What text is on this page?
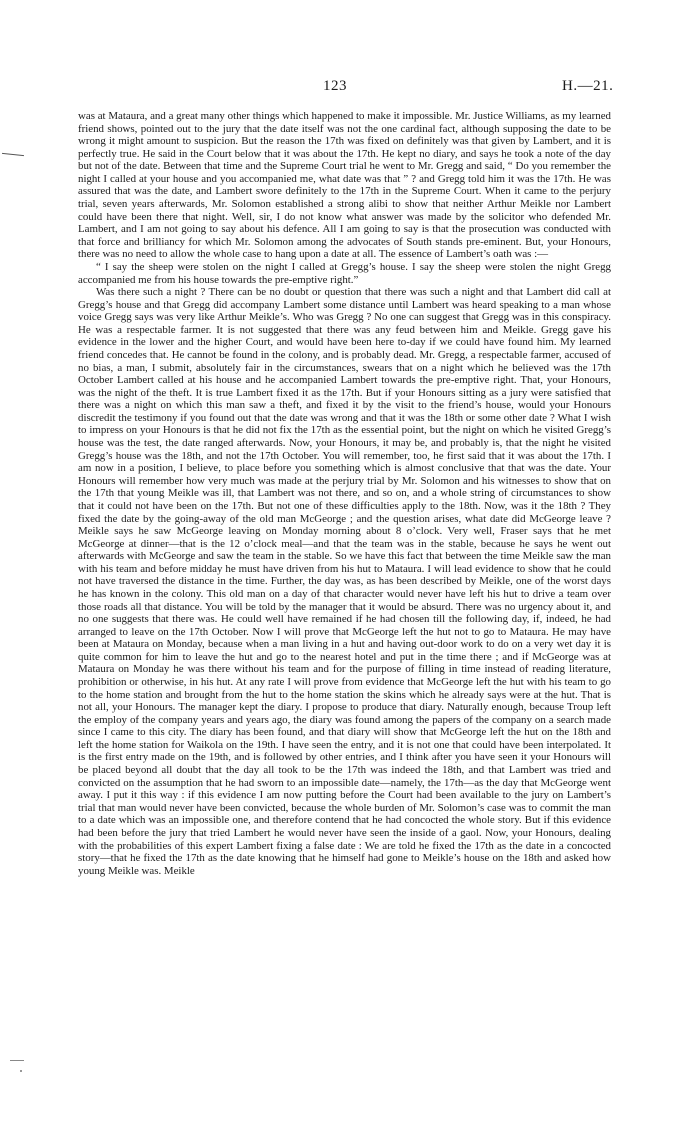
123	H.—21.

was at Mataura, and a great many other things which happened to make it impossible. Mr. Justice Williams, as my learned friend shows, pointed out to the jury that the date itself was not the one cardinal fact, although supposing the date to be wrong it might amount to suspicion. But the reason the 17th was fixed on definitely was that given by Lambert, and it is perfectly true. He said in the Court below that it was about the 17th. He kept no diary, and says he took a note of the day but not of the date. Between that time and the Supreme Court trial he went to Mr. Gregg and said, “ Do you remember the night I called at your house and you accompanied me, what date was that ” ? and Gregg told him it was the 17th. He was assured that was the date, and Lambert swore definitely to the 17th in the Supreme Court. When it came to the perjury trial, seven years afterwards, Mr. Solomon established a strong alibi to show that neither Arthur Meikle nor Lambert could have been there that night. Well, sir, I do not know what answer was made by the solicitor who defended Mr. Lambert, and I am not going to say about his defence. All I am going to say is that the prosecution was conducted with that force and brilliancy for which Mr. Solomon among the advocates of South stands pre-eminent. But, your Honours, there was no need to allow the whole case to hang upon a date at all. The essence of Lambert’s oath was :—

“ I say the sheep were stolen on the night I called at Gregg’s house. I say the sheep were stolen the night Gregg accompanied me from his house towards the pre-emptive right.”

Was there such a night ? There can be no doubt or question that there was such a night and that Lambert did call at Gregg’s house and that Gregg did accompany Lambert some distance until Lambert was heard speaking to a man whose voice Gregg says was very like Arthur Meikle’s. Who was Gregg ? No one can suggest that Gregg was in this conspiracy. He was a respectable farmer. It is not suggested that there was any feud between him and Meikle. Gregg gave his evidence in the lower and the higher Court, and would have been here to-day if we could have found him. My learned friend concedes that. He cannot be found in the colony, and is probably dead. Mr. Gregg, a respectable farmer, accused of no bias, a man, I submit, absolutely fair in the circumstances, swears that on a night which he believed was the 17th October Lambert called at his house and he accompanied Lambert towards the pre-emptive right. That, your Honours, was the night of the theft. It is true Lambert fixed it as the 17th. But if your Honours sitting as a jury were satisfied that there was a night on which this man saw a theft, and fixed it by the visit to the friend’s house, would your Honours discredit the testimony if you found out that the date was wrong and that it was the 18th or some other date ? What I wish to impress on your Honours is that he did not fix the 17th as the essential point, but the night on which he visited Gregg’s house was the test, the date ranged afterwards. Now, your Honours, it may be, and probably is, that the night he visited Gregg’s house was the 18th, and not the 17th October. You will remember, too, he first said that it was about the 17th. I am now in a position, I believe, to place before you something which is almost conclusive that that was the date. Your Honours will remember how very much was made at the perjury trial by Mr. Solomon and his witnesses to show that on the 17th that young Meikle was ill, that Lambert was not there, and so on, and a whole string of circumstances to show that it could not have been on the 17th. But not one of these difficulties apply to the 18th. Now, was it the 18th ? They fixed the date by the going-away of the old man McGeorge ; and the question arises, what date did McGeorge leave ? Meikle says he saw McGeorge leaving on Monday morning about 8 o’clock. Very well, Fraser says that he met McGeorge at dinner—that is the 12 o’clock meal—and that the team was in the stable, because he says he went out afterwards with McGeorge and saw the team in the stable. So we have this fact that between the time Meikle saw the man with his team and before midday he must have driven from his hut to Mataura. I will lead evidence to show that he could not have traversed the distance in the time. Further, the day was, as has been described by Meikle, one of the worst days he has known in the colony. This old man on a day of that character would never have left his hut to drive a team over those roads all that distance. You will be told by the manager that it would be absurd. There was no urgency about it, and no one suggests that there was. He could well have remained if he had chosen till the following day, if, indeed, he had arranged to leave on the 17th October. Now I will prove that McGeorge left the hut not to go to Mataura. He may have been at Mataura on Monday, because when a man living in a hut and having out-door work to do on a very wet day it is quite common for him to leave the hut and go to the nearest hotel and put in the time there ; and if McGeorge was at Mataura on Monday he was there without his team and for the purpose of filling in time instead of reading literature, prohibition or otherwise, in his hut. At any rate I will prove from evidence that McGeorge left the hut with his team to go to the home station and brought from the hut to the home station the skins which he already says were at the hut. That is not all, your Honours. The manager kept the diary. I propose to produce that diary. Naturally enough, because Troup left the employ of the company years and years ago, the diary was found among the papers of the company on a search made since I came to this city. The diary has been found, and that diary will show that McGeorge left the hut on the 18th and left the home station for Waikola on the 19th. I have seen the entry, and it is not one that could have been interpolated. It is the first entry made on the 19th, and is followed by other entries, and I think after you have seen it your Honours will be placed beyond all doubt that the day all took to be the 17th was indeed the 18th, and that Lambert was tried and convicted on the assumption that he had sworn to an impossible date—namely, the 17th—as the day that McGeorge went away. I put it this way : if this evidence I am now putting before the Court had been available to the jury on Lambert’s trial that man would never have been convicted, because the whole burden of Mr. Solomon’s case was to commit the man to a date which was an impossible one, and therefore contend that he had concocted the whole story. But if this evidence had been before the jury that tried Lambert he would never have seen the inside of a gaol. Now, your Honours, dealing with the probabilities of this expert Lambert fixing a false date : We are told he fixed the 17th as the date in a concocted story—that he fixed the 17th as the date knowing that he himself had gone to Meikle’s house on the 18th and asked how young Meikle was. Meikle
